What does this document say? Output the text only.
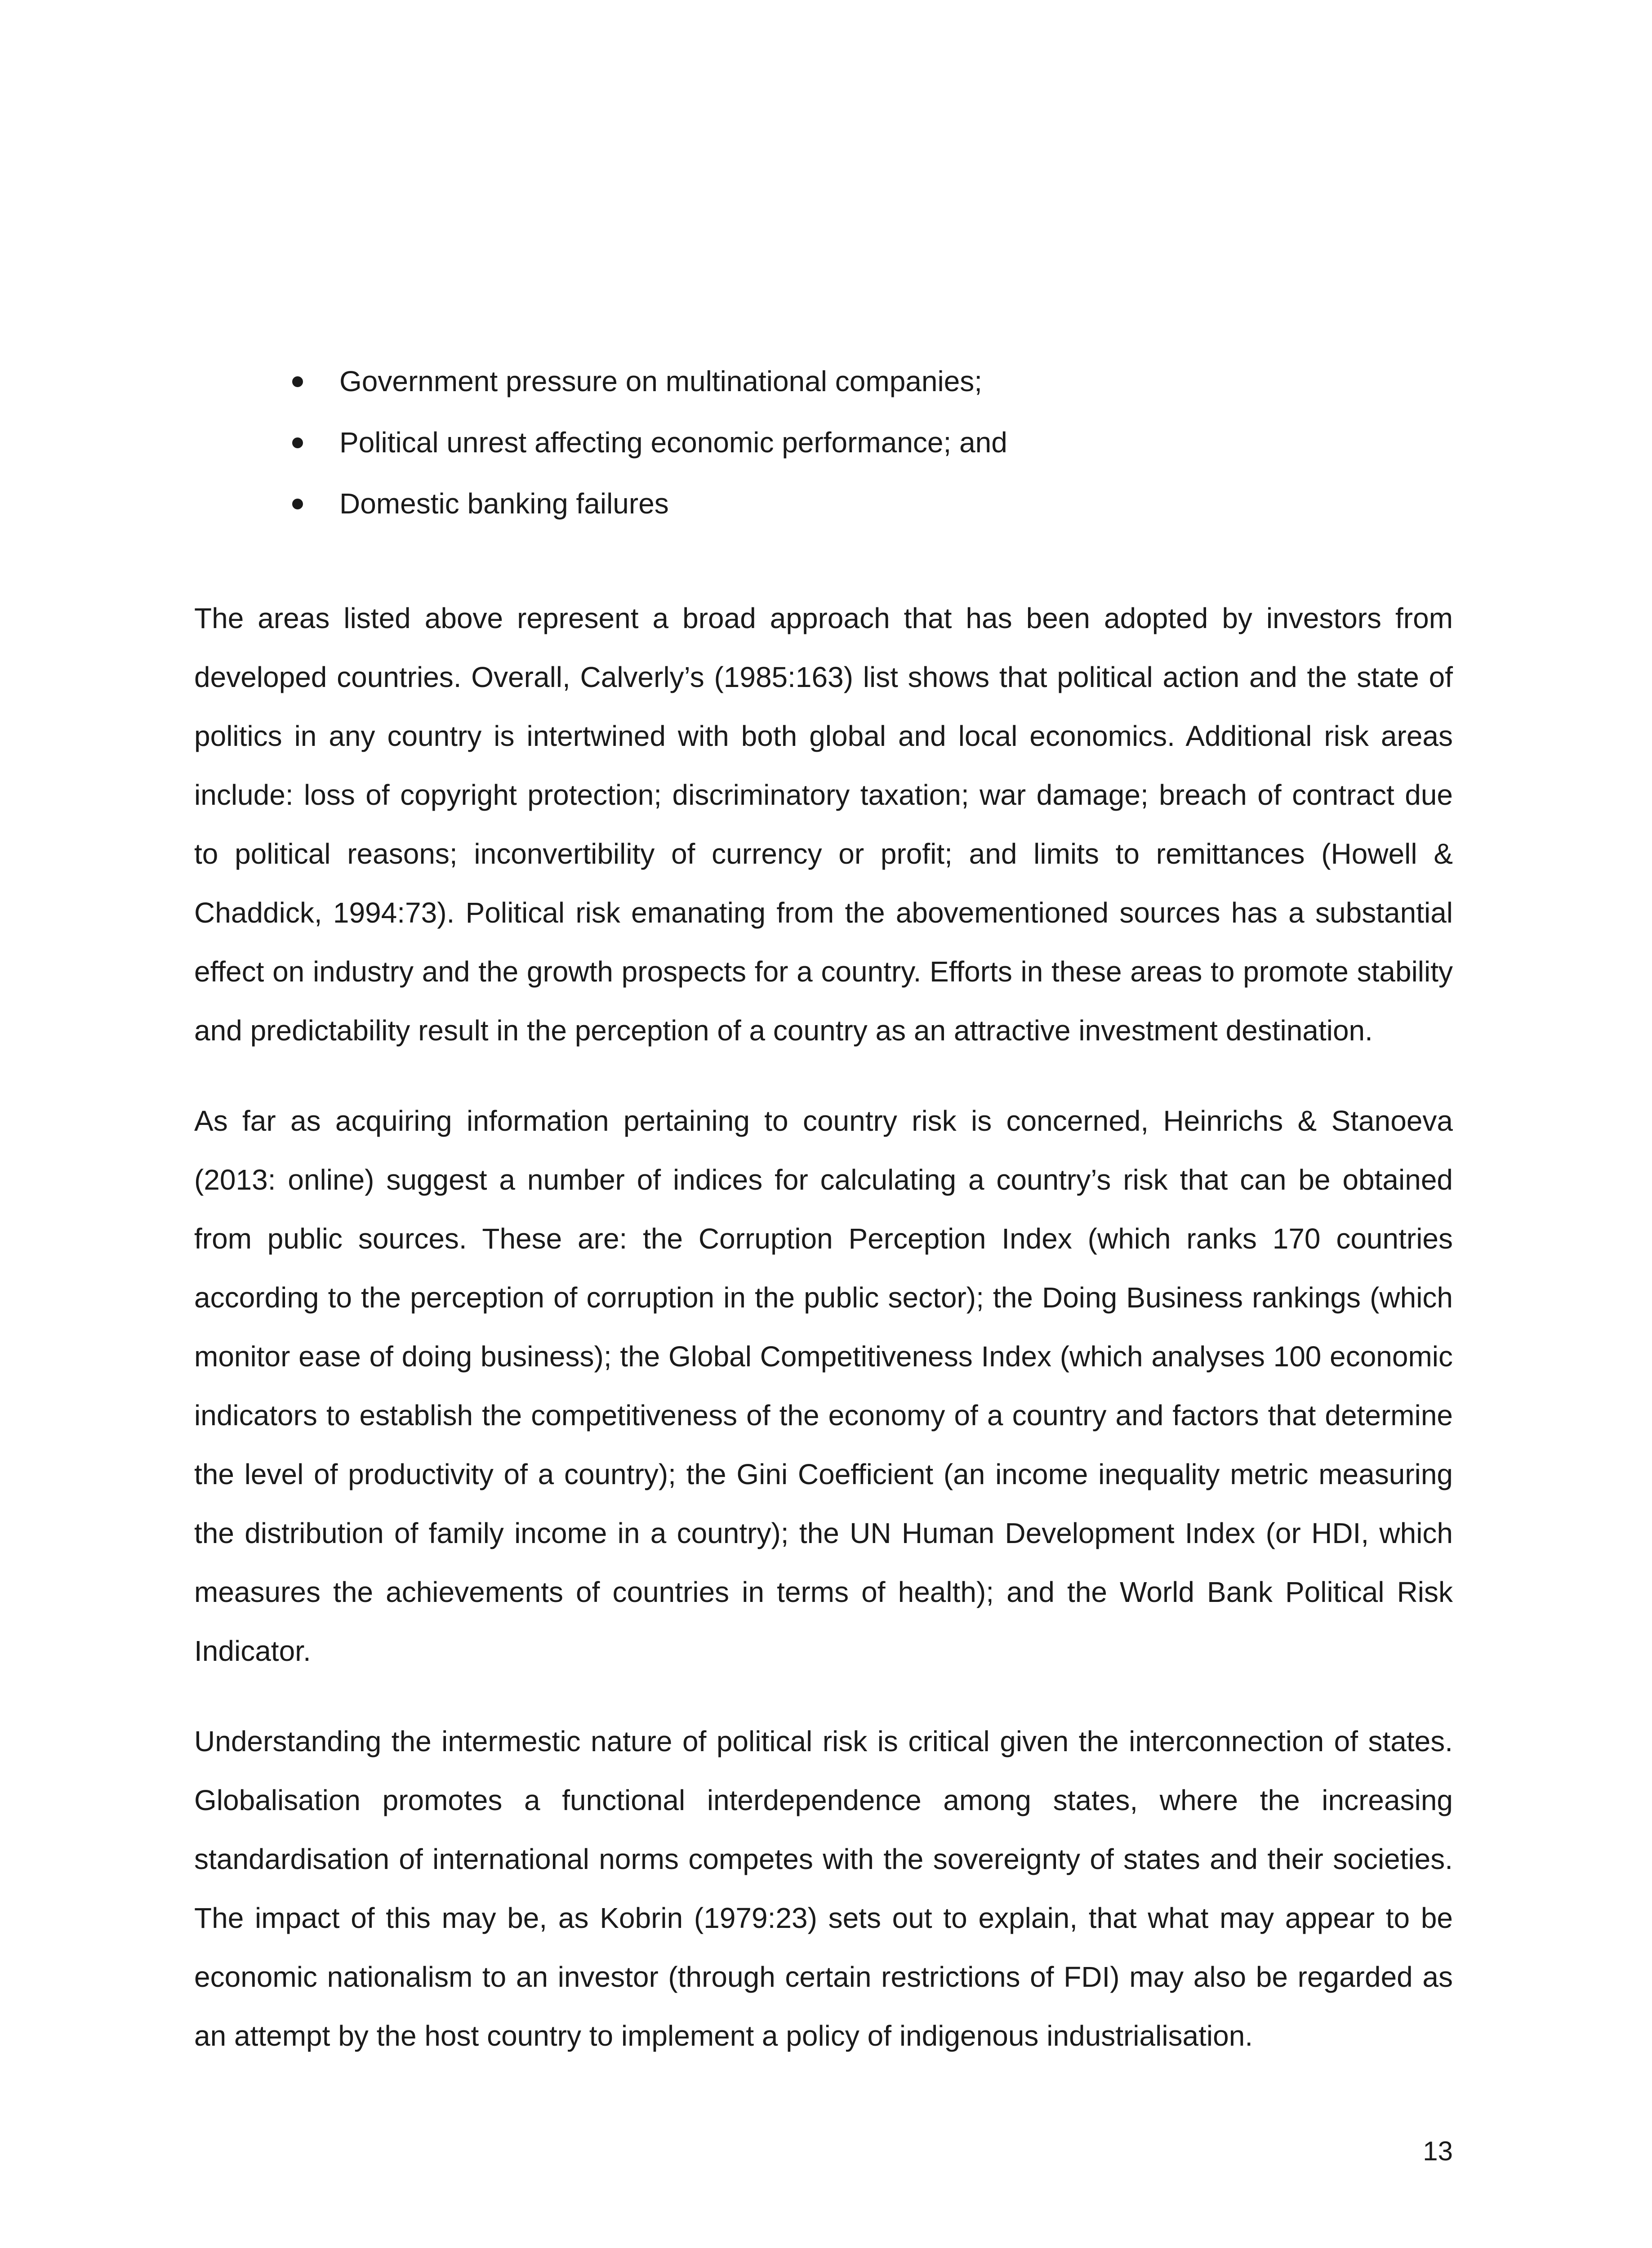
Government pressure on multinational companies;
Political unrest affecting economic performance; and
Domestic banking failures

The areas listed above represent a broad approach that has been adopted by investors from developed countries. Overall, Calverly’s (1985:163) list shows that political action and the state of politics in any country is intertwined with both global and local economics. Additional risk areas include: loss of copyright protection; discriminatory taxation; war damage; breach of contract due to political reasons; inconvertibility of currency or profit; and limits to remittances (Howell & Chaddick, 1994:73). Political risk emanating from the abovementioned sources has a substantial effect on industry and the growth prospects for a country. Efforts in these areas to promote stability and predictability result in the perception of a country as an attractive investment destination.

As far as acquiring information pertaining to country risk is concerned, Heinrichs & Stanoeva (2013: online) suggest a number of indices for calculating a country’s risk that can be obtained from public sources. These are: the Corruption Perception Index (which ranks 170 countries according to the perception of corruption in the public sector); the Doing Business rankings (which monitor ease of doing business); the Global Competitiveness Index (which analyses 100 economic indicators to establish the competitiveness of the economy of a country and factors that determine the level of productivity of a country); the Gini Coefficient (an income inequality metric measuring the distribution of family income in a country); the UN Human Development Index (or HDI, which measures the achievements of countries in terms of health); and the World Bank Political Risk Indicator.

Understanding the intermestic nature of political risk is critical given the interconnection of states. Globalisation promotes a functional interdependence among states, where the increasing standardisation of international norms competes with the sovereignty of states and their societies. The impact of this may be, as Kobrin (1979:23) sets out to explain, that what may appear to be economic nationalism to an investor (through certain restrictions of FDI) may also be regarded as an attempt by the host country to implement a policy of indigenous industrialisation.

13
